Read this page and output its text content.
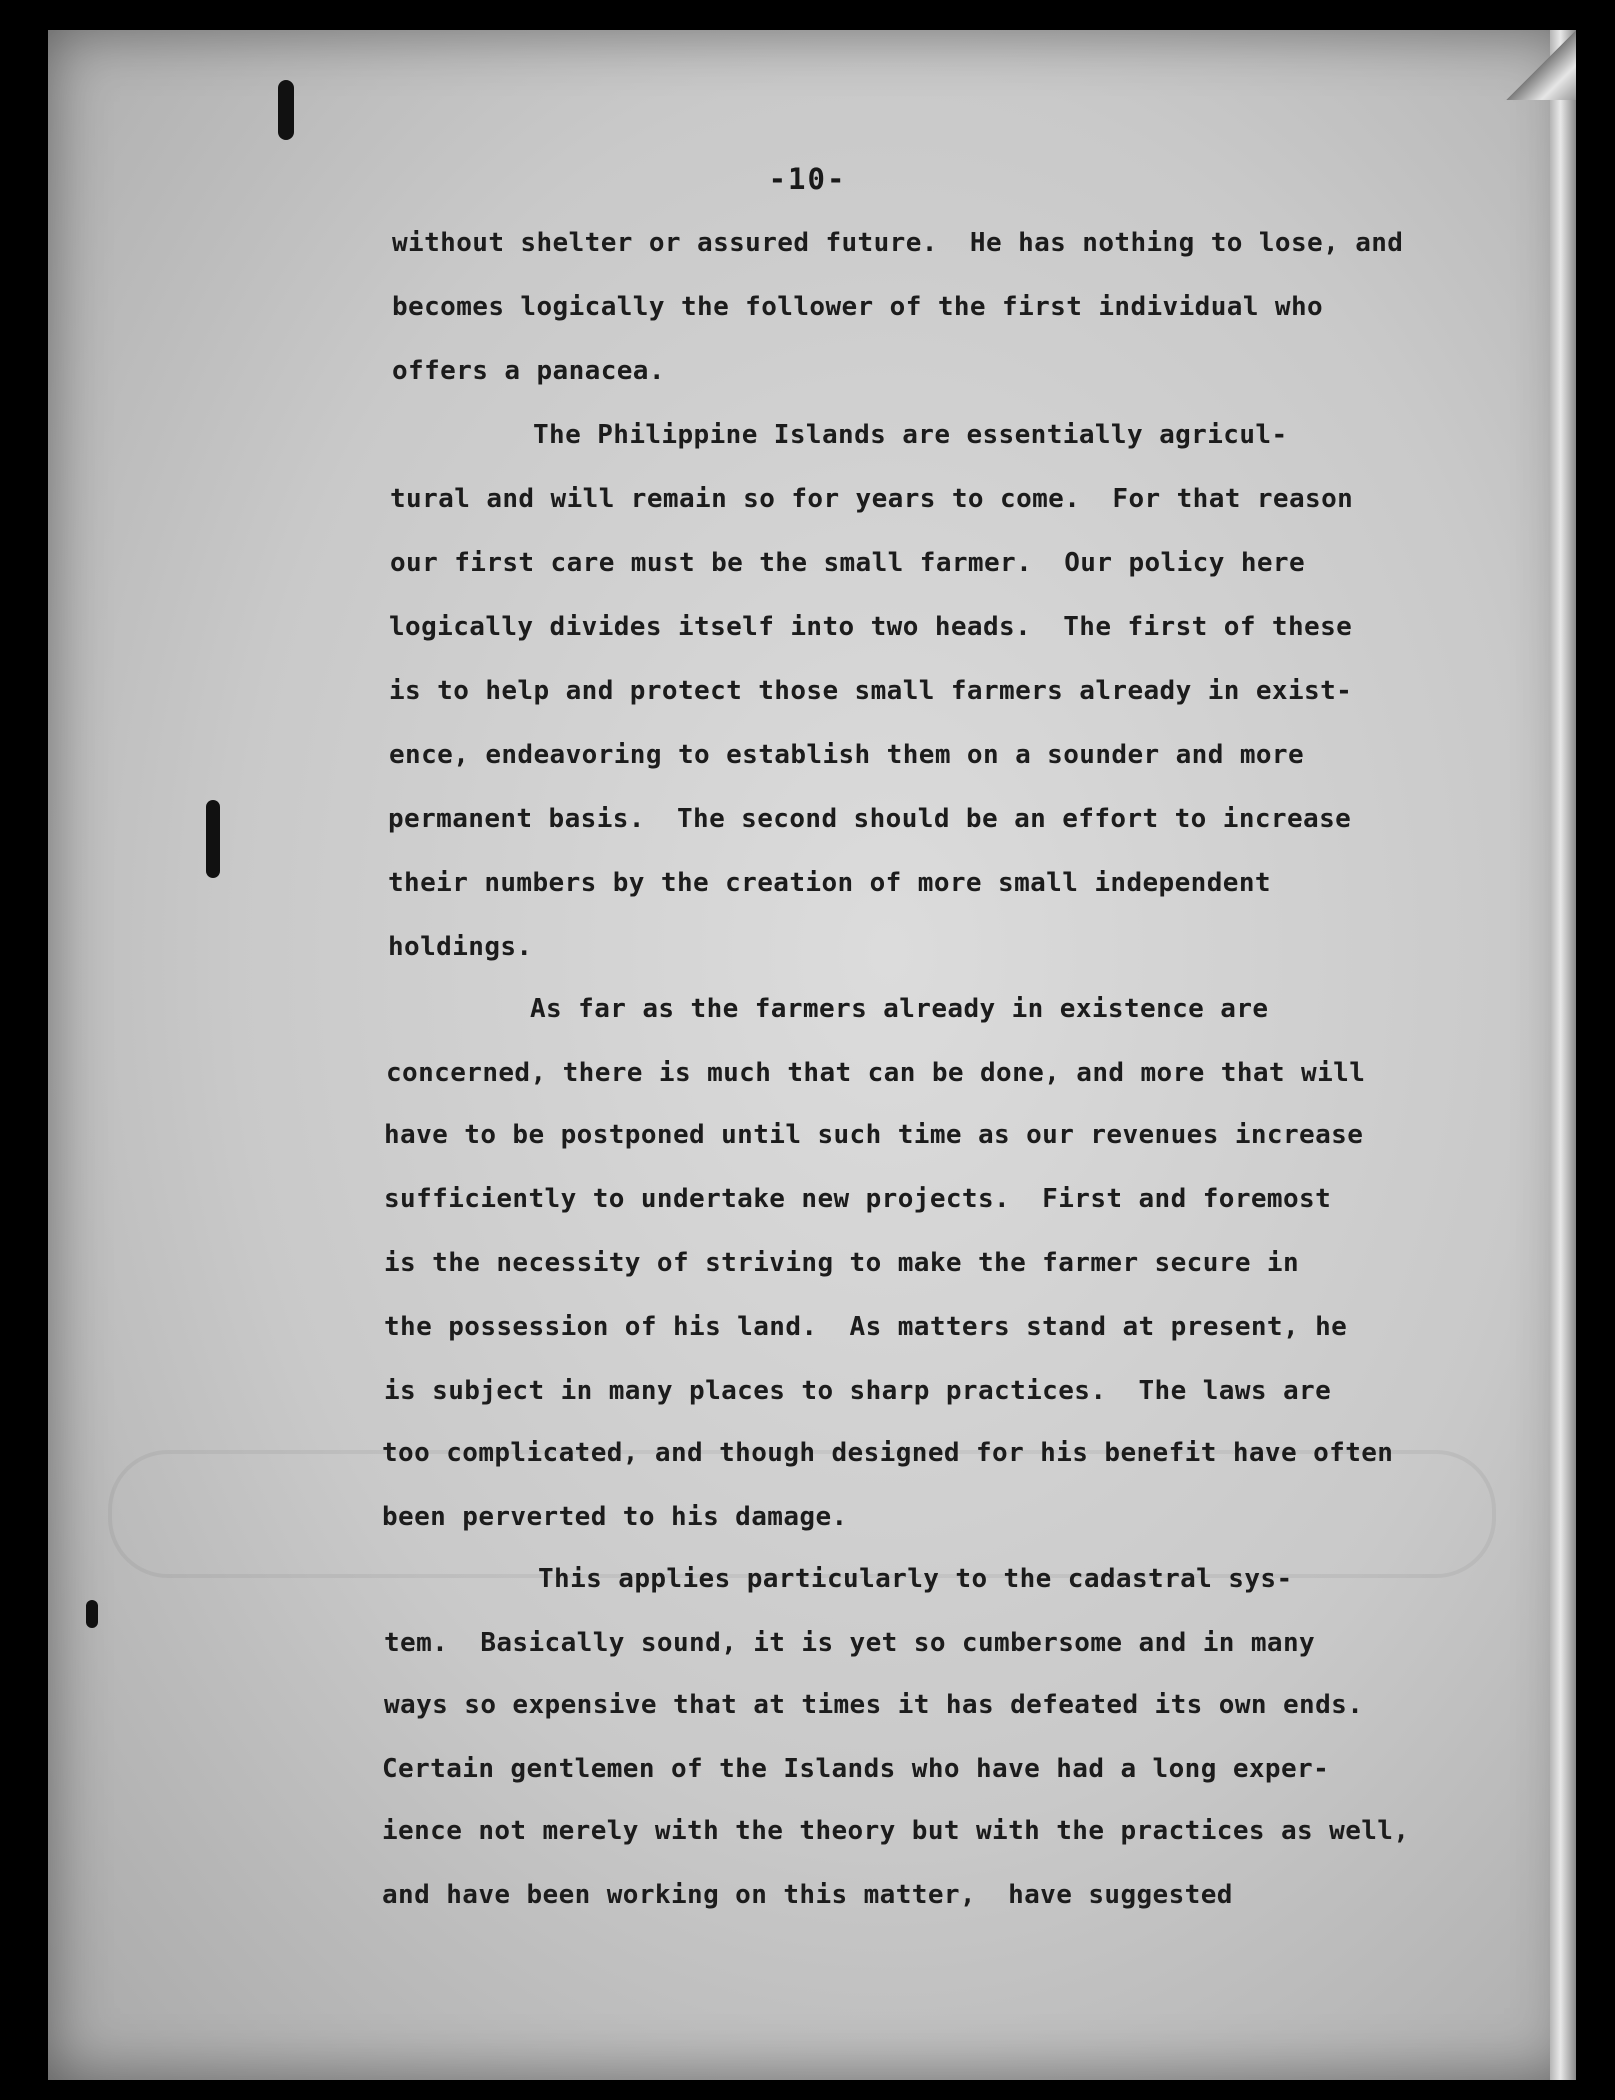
-10-
without shelter or assured future.  He has nothing to lose, and
becomes logically the follower of the first individual who
offers a panacea.
The Philippine Islands are essentially agricul-
tural and will remain so for years to come.  For that reason
our first care must be the small farmer.  Our policy here
logically divides itself into two heads.  The first of these
is to help and protect those small farmers already in exist-
ence, endeavoring to establish them on a sounder and more
permanent basis.  The second should be an effort to increase
their numbers by the creation of more small independent
holdings.
As far as the farmers already in existence are
concerned, there is much that can be done, and more that will
have to be postponed until such time as our revenues increase
sufficiently to undertake new projects.  First and foremost
is the necessity of striving to make the farmer secure in
the possession of his land.  As matters stand at present, he
is subject in many places to sharp practices.  The laws are
too complicated, and though designed for his benefit have often
been perverted to his damage.
This applies particularly to the cadastral sys-
tem.  Basically sound, it is yet so cumbersome and in many
ways so expensive that at times it has defeated its own ends.
Certain gentlemen of the Islands who have had a long exper-
ience not merely with the theory but with the practices as well,
and have been working on this matter,  have suggested
